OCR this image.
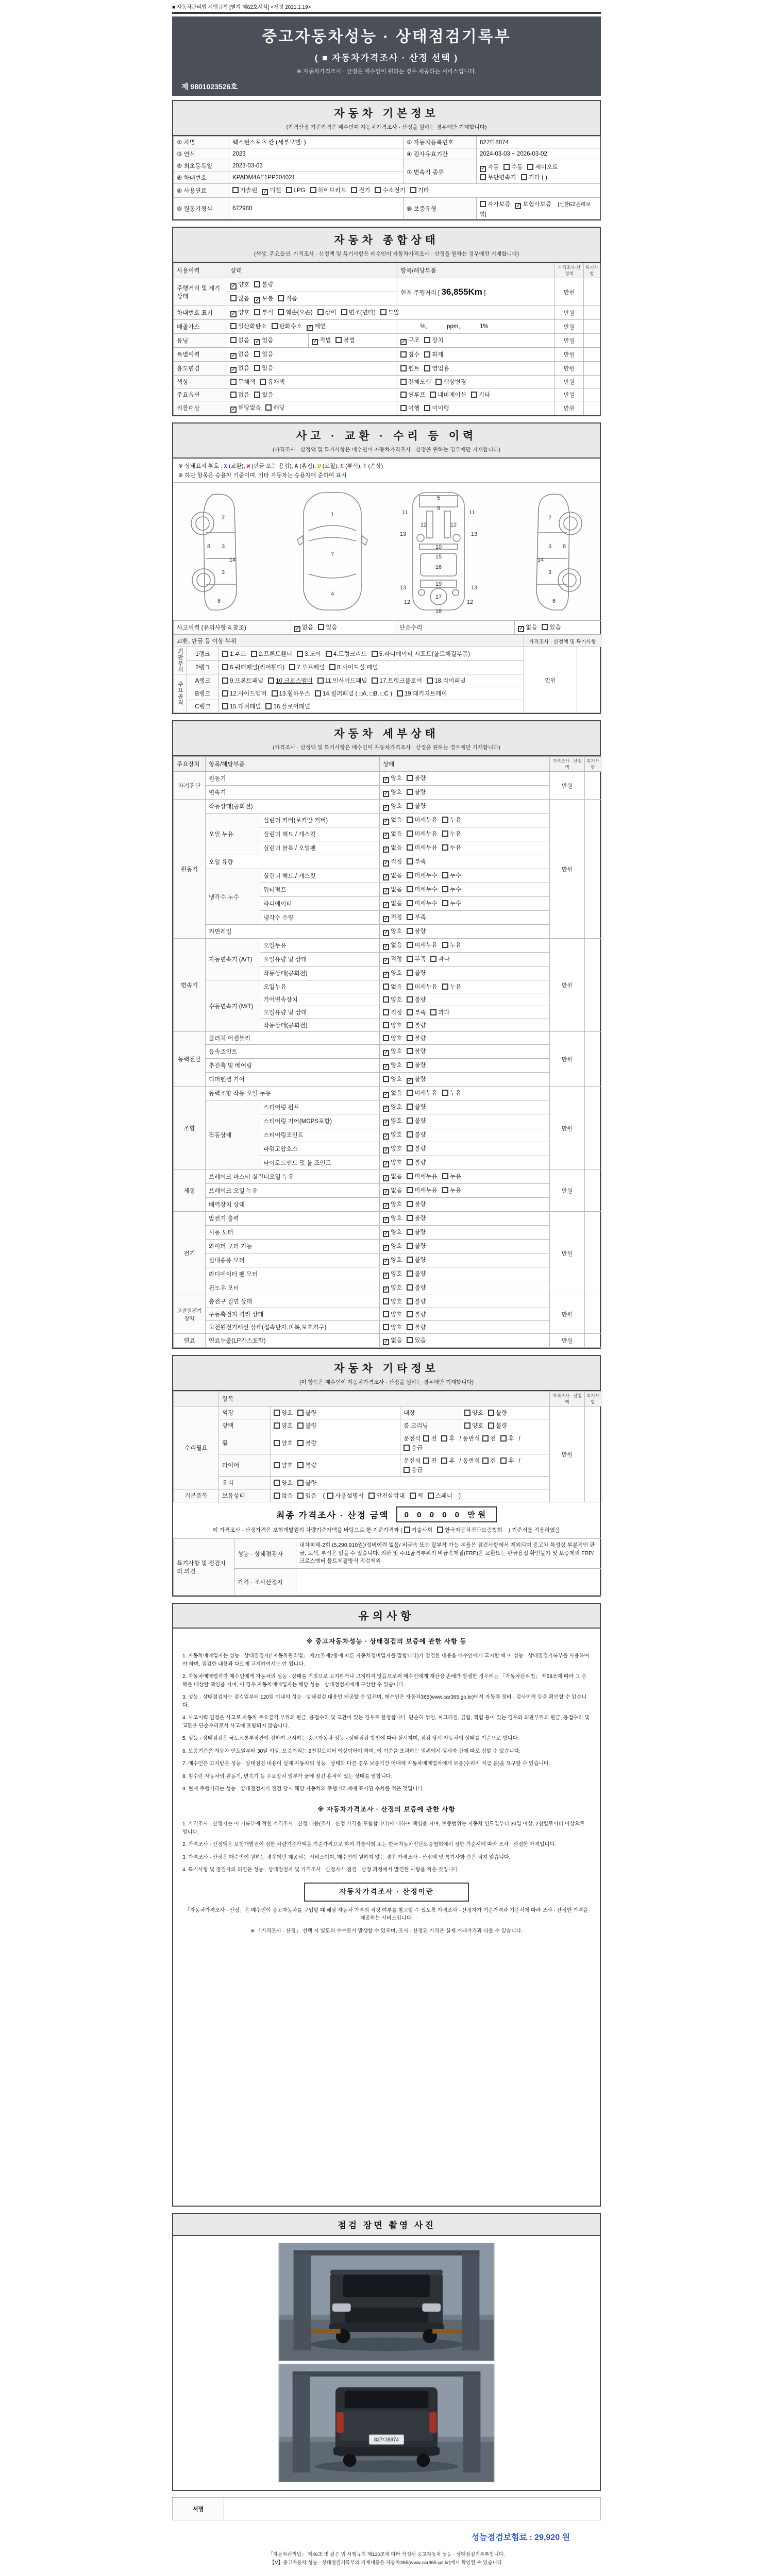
■ 자동차관리법 시행규칙 [별지 제82호서식] <개정 2021.1.19>
중고자동차성능 · 상태점검기록부
( ■ 자동차가격조사 · 산정 선택 )
※ 자동차가격조사 · 산정은 매수인이 원하는 경우 제공하는 서비스입니다.
제 9801023526호
자동차 기본정보
(가격산정 기준가격은 매수인이 자동차가격조사 · 산정을 원하는 경우에만 기재합니다)
① 차명	렉스턴스포츠 칸 (세부모델: )	② 자동차등록번호	827다8874
③ 연식	2023	④ 검사유효기간	2024-03-03 ~ 2026-03-02
⑤ 최초등록일	2023-03-03	⑦ 변속기 종류	✓ 자동 수동 세미오토무단변속기 기타 ( )
⑥ 차대번호	KPADM4AE1PP204021		
⑧ 사용연료	가솔린 ✓ 디젤 LPG 하이브리드 전기 수소전기 기타		
⑨ 원동기형식	672980	⑩ 보증유형	자가보증 ✓ 보험사보증 [신한EZ손해보험]
자동차 종합상태
(색상, 주요옵션, 가격조사 · 산정액 및 특기사항은 매수인이 자동차가격조사 · 산정을 원하는 경우에만 기재합니다)
사용이력	상태		항목/해당부품	가격조사·산정액	특기사항
주행거리 및 계기상태	✓ 양호 불량		현재 주행거리 [ 36,855Km ]	만원	
	많음 ✓ 보통 적음				
차대번호 표기	✓ 양호 부식 훼손(오손) 상이 변조(변타) 도말			만원	
배출가스	일산화탄소 탄화수소 ✓ 매연		%,            ppm,            1%	만원	
튜닝	없음 ✓ 있음	✓ 적법 불법	✓ 구조 장치	만원	
특별이력	✓ 없음 있음		침수 화재	만원	
용도변경	✓ 없음 있음		렌트 영업용	만원	
색상	무채색 유채색		전체도색 색상변경	만원	
주요옵션	없음 있음		썬루프 네비게이션 기타	만원	
리콜대상	✓ 해당없음 해당		이행 미이행	만원	
사고 · 교환 · 수리 등 이력
(가격조사 · 산정액 및 특기사항은 매수인이 자동차가격조사 · 산정을 원하는 경우에만 기재합니다)
※ 상태표시 부호 : X (교환), W (판금 또는 용접), A (흠집), U (요철), C (부식), T (손상)
※ 하단 항목은 승용차 기준이며, 기타 자동차는 승용차에 준하여 표시
2
8 3
14
3
6
1
7
4
5
9
11	11
13	13
12	12
10
15
16
19
13	13
12	12
17
18
2
3 8
14
3
6
사고이력 (유의사항 4.참조)	✓ 없음 있음	단순수리	✓ 없음 있음
교환, 판금 등 이상 부위			가격조사 · 산정액 및 특기사항	
외판부위	1랭크	1.후드 2.프론트휀더 3.도어 4.트렁크리드 5.라디에이터 서포트(볼트체결부품)	만원	
	2랭크	6.쿼터패널(리어휀다) 7.루프패널 8.사이드실 패널		
주요골격	A랭크	9.프론트패널 10.크로스멤버 11.인사이드패널 17.트렁크플로어 18.리어패널		
	B랭크	12.사이드멤버 13.휠하우스 14.필러패널 ( □A, □B, □C ) 19.패키지트레이		
	C랭크	15.대쉬패널 16.플로어패널		
자동차 세부상태
(가격조사 · 산정액 및 특기사항은 매수인이 자동차가격조사 · 산정을 원하는 경우에만 기재합니다)
주요장치	항목/해당부품		상태	가격조사 · 산정액	특기사항
자기진단	원동기		✓ 양호 불량	만원	
	변속기		✓ 양호 불량		
원동기	작동상태(공회전)		✓ 양호 불량	만원	
	오일 누유	실린더 커버(로커암 커버)	✓ 없음 미세누유 누유		
		실린더 헤드 / 개스킷	✓ 없음 미세누유 누유		
		실린더 블록 / 오일팬	✓ 없음 미세누유 누유		
	오일 유량		✓ 적정 부족		
	냉각수 누수	실린더 헤드 / 개스킷	✓ 없음 미세누수 누수		
		워터펌프	✓ 없음 미세누수 누수		
		라디에이터	✓ 없음 미세누수 누수		
		냉각수 수량	✓ 적정 부족		
	커먼레일		✓ 양호 불량		
변속기	자동변속기 (A/T)	오일누유	✓ 없음 미세누유 누유	만원	
		오일유량 및 상태	✓ 적정 부족 과다		
		작동상태(공회전)	✓ 양호 불량		
	수동변속기 (M/T)	오일누유	없음 미세누유 누유		
		기어변속장치	양호 불량		
		오일유량 및 상태	적정 부족 과다		
		작동상태(공회전)	양호 불량		
동력전달	클러치 어셈블리		양호 불량	만원	
	등속조인트		✓ 양호 불량		
	추진축 및 베어링		✓ 양호 불량		
	디퍼렌셜 기어		양호 ✓ 불량		
조향	동력조향 작동 오일 누유		✓ 없음 미세누유 누유	만원	
	작동상태	스티어링 펌프	✓ 양호 불량		
		스티어링 기어(MDPS포함)	✓ 양호 불량		
		스티어링조인트	✓ 양호 불량		
		파워고압호스	✓ 양호 불량		
		타이로드엔드 및 볼 조인트	✓ 양호 불량		
제동	브레이크 마스터 실린더오일 누유		✓ 없음 미세누유 누유	만원	
	브레이크 오일 누유		✓ 없음 미세누유 누유		
	배력장치 상태		✓ 양호 불량		
전기	발전기 출력		✓ 양호 불량	만원	
	시동 모터		✓ 양호 불량		
	와이퍼 모터 기능		✓ 양호 불량		
	실내송풍 모터		✓ 양호 불량		
	라디에이터 팬 모터		✓ 양호 불량		
	윈도우 모터		✓ 양호 불량		
고전원전기장치	충전구 절연 상태		양호 불량	만원	
	구동축전지 격리 상태		양호 불량		
	고전원전기배선 상태(접속단자,피복,보호기구)		양호 불량		
연료	연료누출(LP가스포함)		✓ 없음 있음	만원	
자동차 기타정보
(이 항목은 매수인이 자동차가격조사 · 산정을 원하는 경우에만 기재합니다)
	항목				가격조사 · 산정액	특기사항
수리필요	외장	양호 불량	내장	양호 불량	만원	
	광택	양호 불량	룸 크리닝	양호 불량		
	휠	양호 불량	운전석 전 후 / 동반석 전 후 /응급			
	타이어	양호 불량	운전석 전 후 / 동반석 전 후 /응급			
	유리	양호 불량				
기본품목	보유상태	없음 있음 ( 사용설명서 안전삼각대 잭 스패너 )				
최종 가격조사 · 산정 금액	0 0 0 0 0 만원
이 가격조사 · 산정가격은 보험개발원의 차량기준가액을 바탕으로 한 기준가격과 ( 기술사회 한국자동차진단보증협회 ) 기준서를 적용하였음
특기사항 및 점검자의 의견	성능 · 상태점검자	내차피해-2회 (5,290,910원)/정비이력 없음/ 비금속 또는 탈부착 가능 부품은 점검사항에서 제외되며 중고차 특성상 부분적인 판금, 도색, 부식은 있을 수 있습니다. 외판 및 주요골격부위의 비금속재질(FRP)은 교환또는 판금용접 확인불가 및 보증제외 FRP/크로스멤버 볼트체결방식 점검제외
	가격 · 조사산정자	
유의사항
※ 중고자동차성능 · 상태점검의 보증에 관한 사항 등

1. 자동차매매업자는 성능 · 상태점검자(「자동차관리법」 제21조제2항에 따른 자동차정비업자를 말합니다)가 점검한 내용을 매수인에게 고지할 때 이 성능 · 상태점검기록부를 사용하여야 하며, 점검한 내용과 다르게 고지하여서는 안 됩니다.

2. 자동차매매업자가 매수인에게 자동차의 성능 · 상태를 거짓으로 고지하거나 고지하지 않음으로써 매수인에게 재산상 손해가 발생한 경우에는 「자동차관리법」 제58조에 따라 그 손해를 배상할 책임을 지며, 이 경우 자동차매매업자는 해당 성능 · 상태점검자에게 구상할 수 있습니다.

3. 성능 · 상태점검자는 점검일부터 120일 이내의 성능 · 상태점검 내용만 제공할 수 있으며, 매수인은 자동차365(www.car365.go.kr)에서 자동차 정비 · 검사이력 등을 확인할 수 있습니다.

4. 사고이력 인정은 사고로 자동차 주요골격 부위의 판금, 용접수리 및 교환이 있는 경우로 한정합니다. 단순히 꺾임, 찌그러짐, 긁힘, 찍힘 등이 있는 경우와 외판부위의 판금, 용접수리 및 교환은 단순수리로서 사고에 포함되지 않습니다.

5. 성능 · 상태점검은 국토교통부장관이 정하여 고시하는 중고자동차 성능 · 상태점검 방법에 따라 실시하며, 점검 당시 자동차의 상태를 기준으로 합니다.

6. 보증기간은 자동차 인도일부터 30일 이상, 보증거리는 2천킬로미터 이상이어야 하며, 이 기준을 초과하는 범위에서 당사자 간에 따로 정할 수 있습니다.

7. 매수인은 고지받은 성능 · 상태점검 내용이 실제 자동차의 성능 · 상태와 다른 경우 보증기간 이내에 자동차매매업자에게 보증(수리비 지급 등)을 요구할 수 있습니다.

8. 침수란 자동차의 원동기, 변속기 등 주요장치 일부가 물에 잠긴 흔적이 있는 상태를 말합니다.

9. 현재 주행거리는 성능 · 상태점검자가 점검 당시 해당 자동차의 주행거리계에 표시된 수치를 적은 것입니다.

※ 자동차가격조사 · 산정의 보증에 관한 사항

1. 가격조사 · 산정자는 이 기록부에 적힌 가격조사 · 산정 내용(조사 · 산정 가격을 포함합니다)에 대하여 책임을 지며, 보증범위는 자동차 인도일부터 30일 이상, 2천킬로미터 이상으로 합니다.

2. 가격조사 · 산정액은 보험개발원이 정한 차량기준가액을 기준가격으로 하여 기술사회 또는 한국자동차진단보증협회에서 정한 기준서에 따라 조사 · 산정한 가격입니다.

3. 가격조사 · 산정은 매수인이 원하는 경우에만 제공되는 서비스이며, 매수인이 원하지 않는 경우 가격조사 · 산정액 및 특기사항 란은 적지 않습니다.

4. 특기사항 및 점검자의 의견은 성능 · 상태점검자 및 가격조사 · 산정자가 점검 · 산정 과정에서 발견한 사항을 적은 것입니다.

자동차가격조사 · 산정이란

「자동차가격조사 · 산정」은 매수인이 중고자동차를 구입할 때 해당 자동차 가격의 적정 여부를 참고할 수 있도록 가격조사 · 산정자가 기준가격과 기준서에 따라 조사 · 산정한 가격을 제공하는 서비스입니다.

※ 「가격조사 · 산정」 선택 시 별도의 수수료가 발생할 수 있으며, 조사 · 산정된 가격은 실제 거래가격과 다를 수 있습니다.

점검 장면 촬영 사진
827다8874
서명	
성능점검보험료 : 29,920 원
「자동차관리법」 제46조 및 같은 법 시행규칙 제120조에 따라 작성된 중고자동차 성능 · 상태점검기록부입니다.
【Ⅴ】중고자동차 성능 · 상태점검기록부의 기재내용은 자동차365(www.car365.go.kr)에서 확인할 수 있습니다.
